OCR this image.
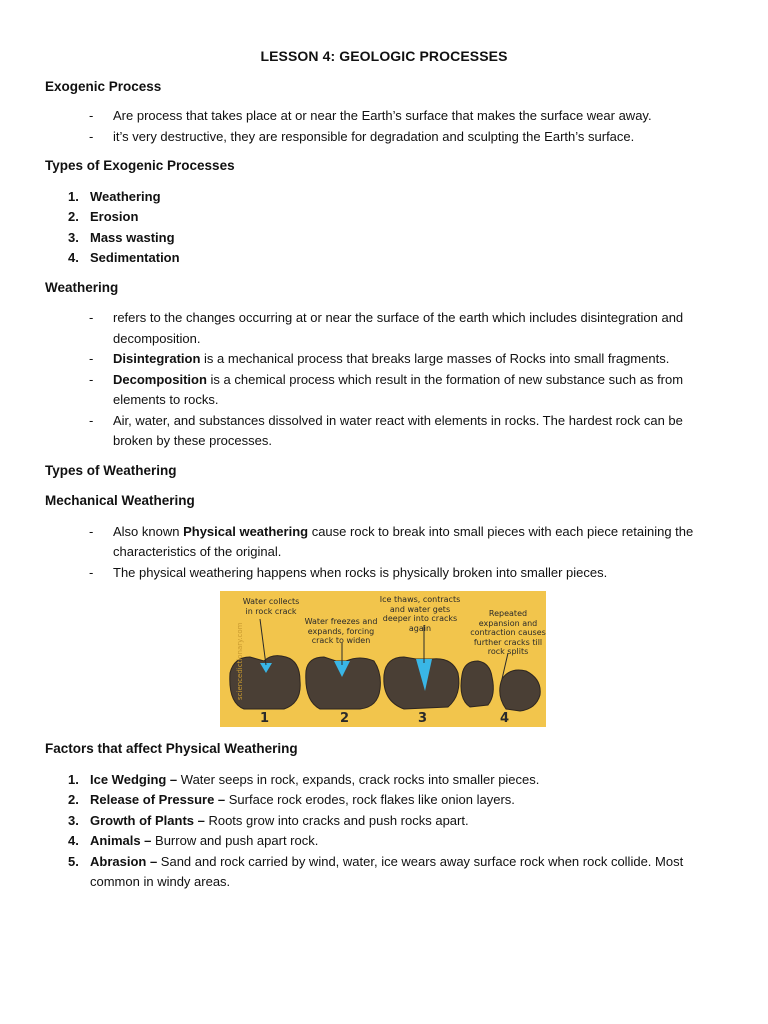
LESSON 4: GEOLOGIC PROCESSES
Exogenic Process
- Are process that takes place at or near the Earth’s surface that makes the surface wear away.
- it’s very destructive, they are responsible for degradation and sculpting the Earth’s surface.
Types of Exogenic Processes
1. Weathering
2. Erosion
3. Mass wasting
4. Sedimentation
Weathering
- refers to the changes occurring at or near the surface of the earth which includes disintegration and decomposition.
- Disintegration is a mechanical process that breaks large masses of Rocks into small fragments.
- Decomposition is a chemical process which result in the formation of new substance such as from elements to rocks.
- Air, water, and substances dissolved in water react with elements in rocks. The hardest rock can be broken by these processes.
Types of Weathering
Mechanical Weathering
- Also known Physical weathering cause rock to break into small pieces with each piece retaining the characteristics of the original.
- The physical weathering happens when rocks is physically broken into smaller pieces.
sciencedictionary.com
Water collects in rock crack
Water freezes and expands, forcing crack to widen
Ice thaws, contracts and water gets deeper into cracks again
Repeated expansion and contraction causes further cracks till rock splits
1	2	3	4
Factors that affect Physical Weathering
1. Ice Wedging – Water seeps in rock, expands, crack rocks into smaller pieces.
2. Release of Pressure – Surface rock erodes, rock flakes like onion layers.
3. Growth of Plants – Roots grow into cracks and push rocks apart.
4. Animals – Burrow and push apart rock.
5. Abrasion – Sand and rock carried by wind, water, ice wears away surface rock when rock collide. Most common in windy areas.
